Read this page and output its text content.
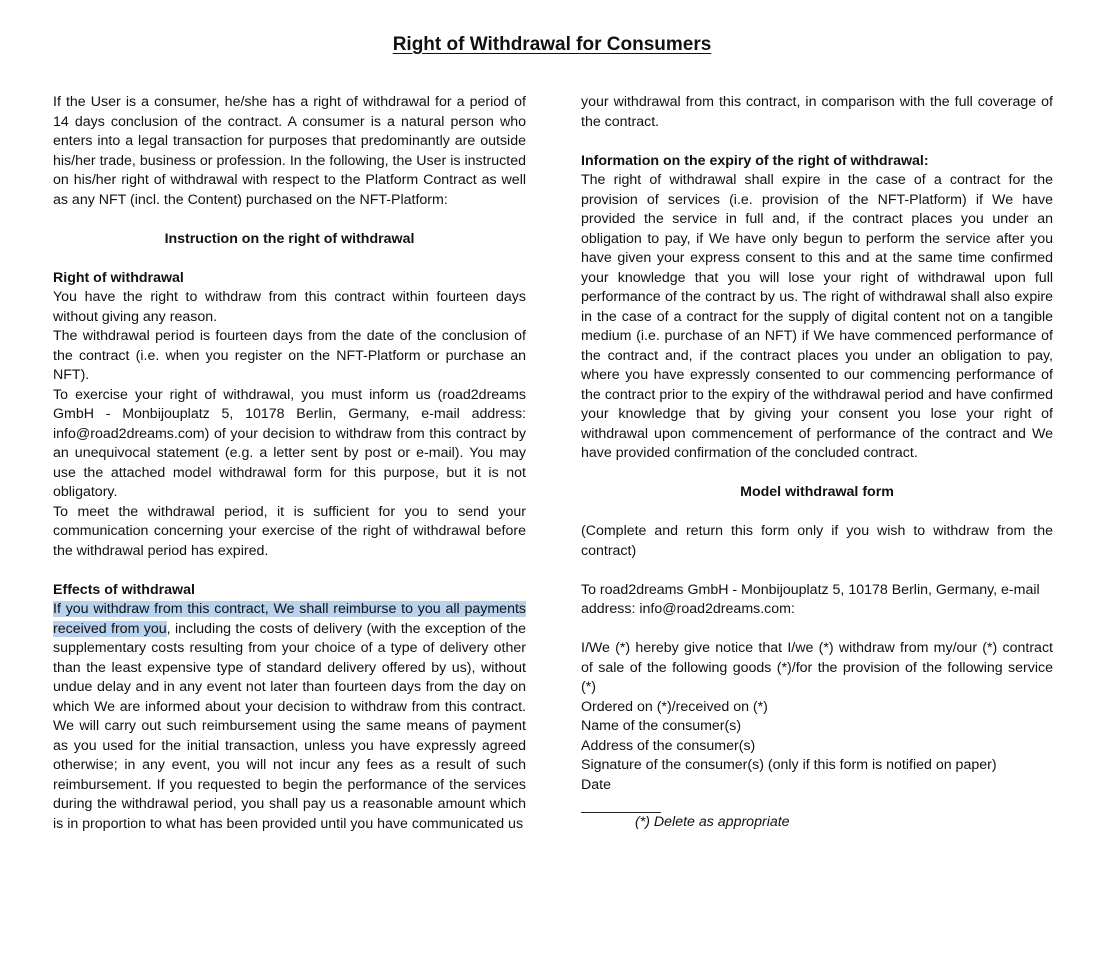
Right of Withdrawal for Consumers

If the User is a consumer, he/she has a right of withdrawal for a period of 14 days conclusion of the contract. A consumer is a natural person who enters into a legal transaction for purposes that predominantly are outside his/her trade, business or profession. In the following, the User is instructed on his/her right of withdrawal with respect to the Platform Contract as well as any NFT (incl. the Content) purchased on the NFT-Platform:

Instruction on the right of withdrawal

Right of withdrawal

You have the right to withdraw from this contract within fourteen days without giving any reason.

The withdrawal period is fourteen days from the date of the conclusion of the contract (i.e. when you register on the NFT-Platform or purchase an NFT).

To exercise your right of withdrawal, you must inform us (road2dreams GmbH - Monbijouplatz 5, 10178 Berlin, Germany, e-mail address: info@road2dreams.com) of your decision to withdraw from this contract by an unequivocal statement (e.g. a letter sent by post or e-mail). You may use the attached model withdrawal form for this purpose, but it is not obligatory.

To meet the withdrawal period, it is sufficient for you to send your communication concerning your exercise of the right of withdrawal before the withdrawal period has expired.

Effects of withdrawal

If you withdraw from this contract, We shall reimburse to you all payments received from you, including the costs of delivery (with the exception of the supplementary costs resulting from your choice of a type of delivery other than the least expensive type of standard delivery offered by us), without undue delay and in any event not later than fourteen days from the day on which We are informed about your decision to withdraw from this contract. We will carry out such reimbursement using the same means of payment as you used for the initial transaction, unless you have expressly agreed otherwise; in any event, you will not incur any fees as a result of such reimbursement. If you requested to begin the performance of the services during the withdrawal period, you shall pay us a reasonable amount which is in proportion to what has been provided until you have communicated us

your withdrawal from this contract, in comparison with the full coverage of the contract.

Information on the expiry of the right of withdrawal:

The right of withdrawal shall expire in the case of a contract for the provision of services (i.e. provision of the NFT-Platform) if We have provided the service in full and, if the contract places you under an obligation to pay, if We have only begun to perform the service after you have given your express consent to this and at the same time confirmed your knowledge that you will lose your right of withdrawal upon full performance of the contract by us. The right of withdrawal shall also expire in the case of a contract for the supply of digital content not on a tangible medium (i.e. purchase of an NFT) if We have commenced performance of the contract and, if the contract places you under an obligation to pay, where you have expressly consented to our commencing performance of the contract prior to the expiry of the withdrawal period and have confirmed your knowledge that by giving your consent you lose your right of withdrawal upon commencement of performance of the contract and We have provided confirmation of the concluded contract.

Model withdrawal form

(Complete and return this form only if you wish to withdraw from the contract)

To road2dreams GmbH - Monbijouplatz 5, 10178 Berlin, Germany, e-mail address: info@road2dreams.com:

I/We (*) hereby give notice that I/we (*) withdraw from my/our (*) contract of sale of the following goods (*)/for the provision of the following service (*)

Ordered on (*)/received on (*)

Name of the consumer(s)

Address of the consumer(s)

Signature of the consumer(s) (only if this form is notified on paper)

Date

(*) Delete as appropriate
